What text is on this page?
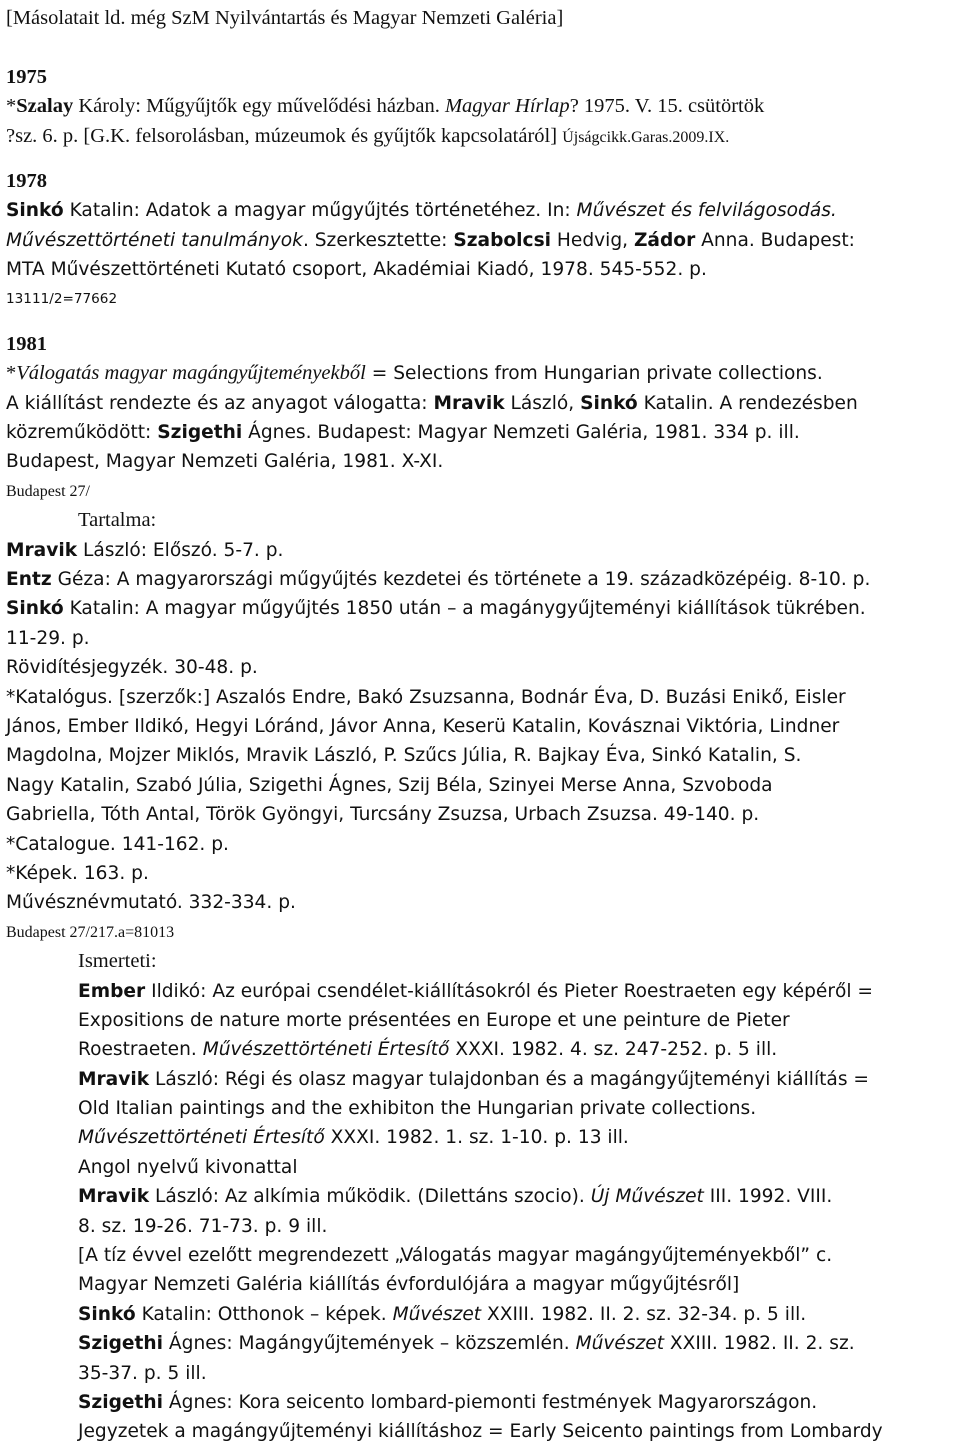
[Másolatait ld. még SzM Nyilvántartás és Magyar Nemzeti Galéria]
1975
*Szalay Károly: Műgyűjtők egy művelődési házban. Magyar Hírlap? 1975. V. 15. csütörtök
?sz. 6. p. [G.K. felsorolásban, múzeumok és gyűjtők kapcsolatáról] Újságcikk.Garas.2009.IX.
1978
Sinkó Katalin: Adatok a magyar műgyűjtés történetéhez. In: Művészet és felvilágosodás.
Művészettörténeti tanulmányok. Szerkesztette: Szabolcsi Hedvig, Zádor Anna. Budapest:
MTA Művészettörténeti Kutató csoport, Akadémiai Kiadó, 1978. 545-552. p.
13111/2=77662
1981
*Válogatás magyar magángyűjteményekből = Selections from Hungarian private collections.
A kiállítást rendezte és az anyagot válogatta: Mravik László, Sinkó Katalin. A rendezésben
közreműködött: Szigethi Ágnes. Budapest: Magyar Nemzeti Galéria, 1981. 334 p. ill.
Budapest, Magyar Nemzeti Galéria, 1981. X-XI.
Budapest 27/
Tartalma:
Mravik László: Előszó. 5-7. p.
Entz Géza: A magyarországi műgyűjtés kezdetei és története a 19. századközépéig. 8-10. p.
Sinkó Katalin: A magyar műgyűjtés 1850 után – a magánygyűjteményi kiállítások tükrében.
11-29. p.
Rövidítésjegyzék. 30-48. p.
*Katalógus. [szerzők:] Aszalós Endre, Bakó Zsuzsanna, Bodnár Éva, D. Buzási Enikő, Eisler
János, Ember Ildikó, Hegyi Lóránd, Jávor Anna, Keserü Katalin, Kovásznai Viktória, Lindner
Magdolna, Mojzer Miklós, Mravik László, P. Szűcs Júlia, R. Bajkay Éva, Sinkó Katalin, S.
Nagy Katalin, Szabó Júlia, Szigethi Ágnes, Szij Béla, Szinyei Merse Anna, Szvoboda
Gabriella, Tóth Antal, Török Gyöngyi, Turcsány Zsuzsa, Urbach Zsuzsa. 49-140. p.
*Catalogue. 141-162. p.
*Képek. 163. p.
Művésznévmutató. 332-334. p.
Budapest 27/217.a=81013
Ismerteti:
Ember Ildikó: Az európai csendélet-kiállításokról és Pieter Roestraeten egy képéről =
Expositions de nature morte présentées en Europe et une peinture de Pieter
Roestraeten. Művészettörténeti Értesítő XXXI. 1982. 4. sz. 247-252. p. 5 ill.
Mravik László: Régi és olasz magyar tulajdonban és a magángyűjteményi kiállítás =
Old Italian paintings and the exhibiton the Hungarian private collections.
Művészettörténeti Értesítő XXXI. 1982. 1. sz. 1-10. p. 13 ill.
Angol nyelvű kivonattal
Mravik László: Az alkímia működik. (Dilettáns szocio). Új Művészet III. 1992. VIII.
8. sz. 19-26. 71-73. p. 9 ill.
[A tíz évvel ezelőtt megrendezett „Válogatás magyar magángyűjteményekből” c.
Magyar Nemzeti Galéria kiállítás évfordulójára a magyar műgyűjtésről]
Sinkó Katalin: Otthonok – képek. Művészet XXIII. 1982. II. 2. sz. 32-34. p. 5 ill.
Szigethi Ágnes: Magángyűjtemények – közszemlén. Művészet XXIII. 1982. II. 2. sz.
35-37. p. 5 ill.
Szigethi Ágnes: Kora seicento lombard-piemonti festmények Magyarországon.
Jegyzetek a magángyűjteményi kiállításhoz = Early Seicento paintings from Lombardy
